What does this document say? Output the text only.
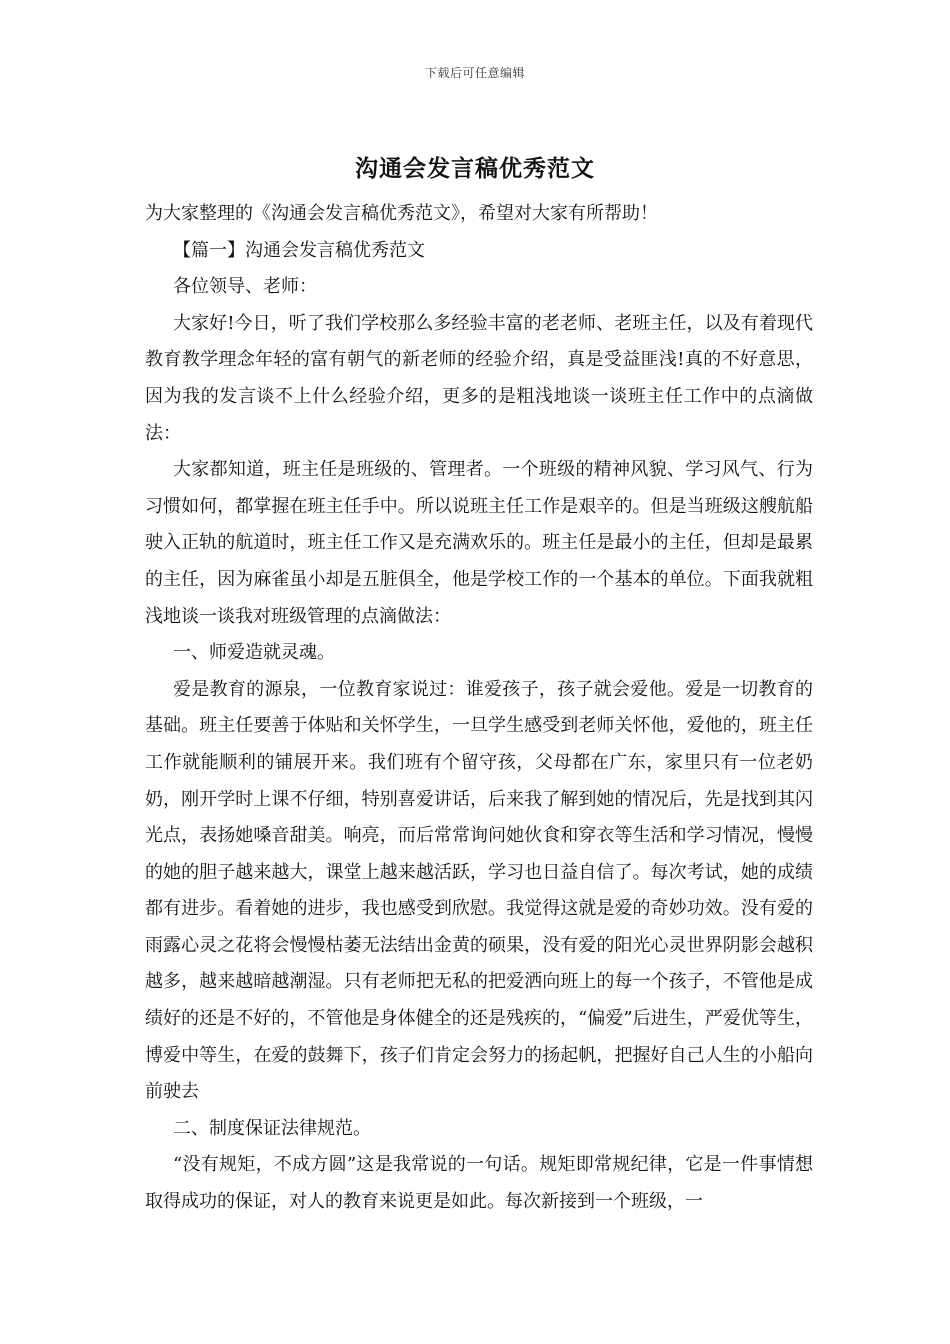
下载后可任意编辑
沟通会发言稿优秀范文

为大家整理的《沟通会发言稿优秀范文》，希望对大家有所帮助！

【篇一】沟通会发言稿优秀范文

各位领导、老师：

大家好!今日，听了我们学校那么多经验丰富的老老师、老班主任，以及有着现代教育教学理念年轻的富有朝气的新老师的经验介绍，真是受益匪浅!真的不好意思，因为我的发言谈不上什么经验介绍，更多的是粗浅地谈一谈班主任工作中的点滴做法：

大家都知道，班主任是班级的、管理者。一个班级的精神风貌、学习风气、行为习惯如何，都掌握在班主任手中。所以说班主任工作是艰辛的。但是当班级这艘航船驶入正轨的航道时，班主任工作又是充满欢乐的。班主任是最小的主任，但却是最累的主任，因为麻雀虽小却是五脏俱全，他是学校工作的一个基本的单位。下面我就粗浅地谈一谈我对班级管理的点滴做法：

一、师爱造就灵魂。

爱是教育的源泉，一位教育家说过：谁爱孩子，孩子就会爱他。爱是一切教育的基础。班主任要善于体贴和关怀学生，一旦学生感受到老师关怀他，爱他的，班主任工作就能顺利的铺展开来。我们班有个留守孩，父母都在广东，家里只有一位老奶奶，刚开学时上课不仔细，特别喜爱讲话，后来我了解到她的情况后，先是找到其闪光点，表扬她嗓音甜美。响亮，而后常常询问她伙食和穿衣等生活和学习情况，慢慢的她的胆子越来越大，课堂上越来越活跃，学习也日益自信了。每次考试，她的成绩都有进步。看着她的进步，我也感受到欣慰。我觉得这就是爱的奇妙功效。没有爱的雨露心灵之花将会慢慢枯萎无法结出金黄的硕果，没有爱的阳光心灵世界阴影会越积越多，越来越暗越潮湿。只有老师把无私的把爱洒向班上的每一个孩子，不管他是成绩好的还是不好的，不管他是身体健全的还是残疾的，“偏爱”后进生，严爱优等生，博爱中等生，在爱的鼓舞下，孩子们肯定会努力的扬起帆，把握好自己人生的小船向前驶去

二、制度保证法律规范。

“没有规矩，不成方圆”这是我常说的一句话。规矩即常规纪律，它是一件事情想取得成功的保证，对人的教育来说更是如此。每次新接到一个班级，一
